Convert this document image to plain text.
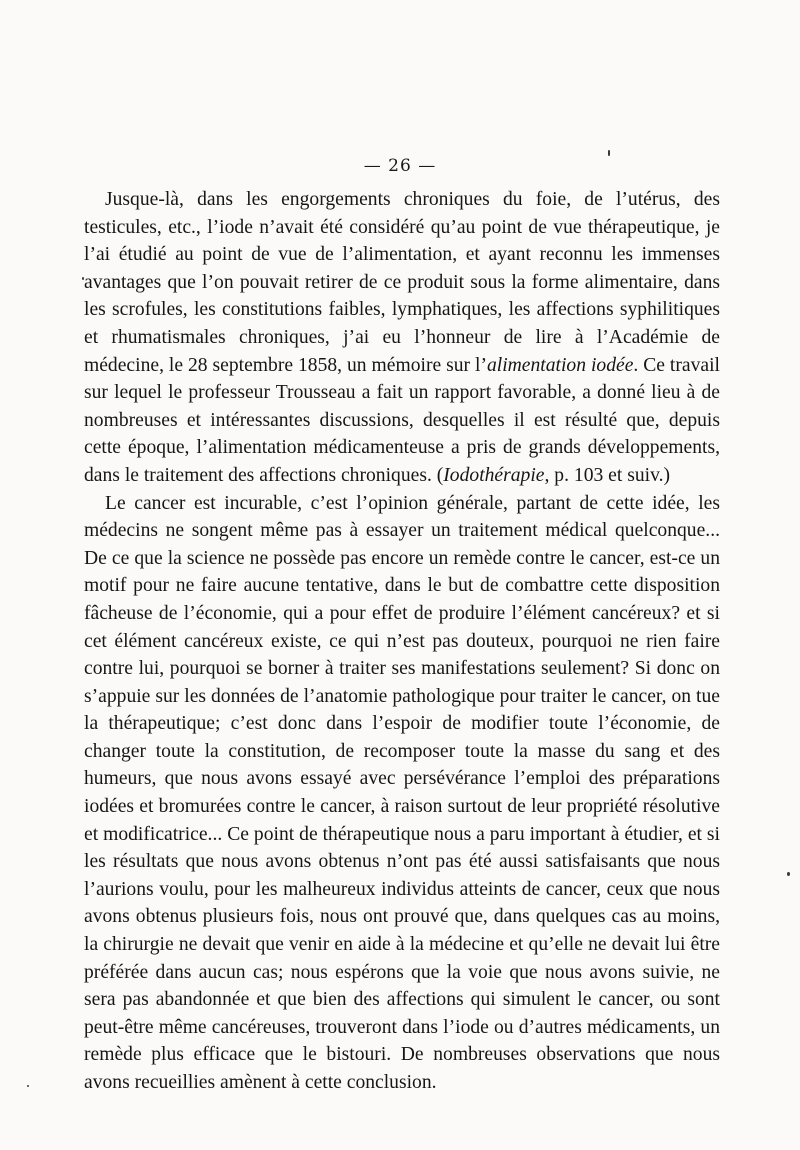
— 26 —

Jusque-là, dans les engorgements chroniques du foie, de l’utérus, des testicules, etc., l’iode n’avait été considéré qu’au point de vue thérapeutique, je l’ai étudié au point de vue de l’alimentation, et ayant reconnu les immenses avantages que l’on pouvait retirer de ce produit sous la forme alimentaire, dans les scrofules, les constitutions faibles, lymphatiques, les affections syphilitiques et rhumatismales chroniques, j’ai eu l’honneur de lire à l’Académie de médecine, le 28 septembre 1858, un mémoire sur l’alimentation iodée. Ce travail sur lequel le professeur Trousseau a fait un rapport favorable, a donné lieu à de nombreuses et intéressantes discussions, desquelles il est résulté que, depuis cette époque, l’alimentation médicamenteuse a pris de grands développements, dans le traitement des affections chroniques. (Iodothérapie, p. 103 et suiv.)

Le cancer est incurable, c’est l’opinion générale, partant de cette idée, les médecins ne songent même pas à essayer un traitement médical quelconque... De ce que la science ne possède pas encore un remède contre le cancer, est-ce un motif pour ne faire aucune tentative, dans le but de combattre cette disposition fâcheuse de l’économie, qui a pour effet de produire l’élément cancéreux? et si cet élément cancéreux existe, ce qui n’est pas douteux, pourquoi ne rien faire contre lui, pourquoi se borner à traiter ses manifestations seulement? Si donc on s’appuie sur les données de l’anatomie pathologique pour traiter le cancer, on tue la thérapeutique; c’est donc dans l’espoir de modifier toute l’économie, de changer toute la constitution, de recomposer toute la masse du sang et des humeurs, que nous avons essayé avec persévérance l’emploi des préparations iodées et bromurées contre le cancer, à raison surtout de leur propriété résolutive et modificatrice... Ce point de thérapeutique nous a paru important à étudier, et si les résultats que nous avons obtenus n’ont pas été aussi satisfaisants que nous l’aurions voulu, pour les malheureux individus atteints de cancer, ceux que nous avons obtenus plusieurs fois, nous ont prouvé que, dans quelques cas au moins, la chirurgie ne devait que venir en aide à la médecine et qu’elle ne devait lui être préférée dans aucun cas; nous espérons que la voie que nous avons suivie, ne sera pas abandonnée et que bien des affections qui simulent le cancer, ou sont peut-être même cancéreuses, trouveront dans l’iode ou d’autres médicaments, un remède plus efficace que le bistouri. De nombreuses observations que nous avons recueillies amènent à cette conclusion.
